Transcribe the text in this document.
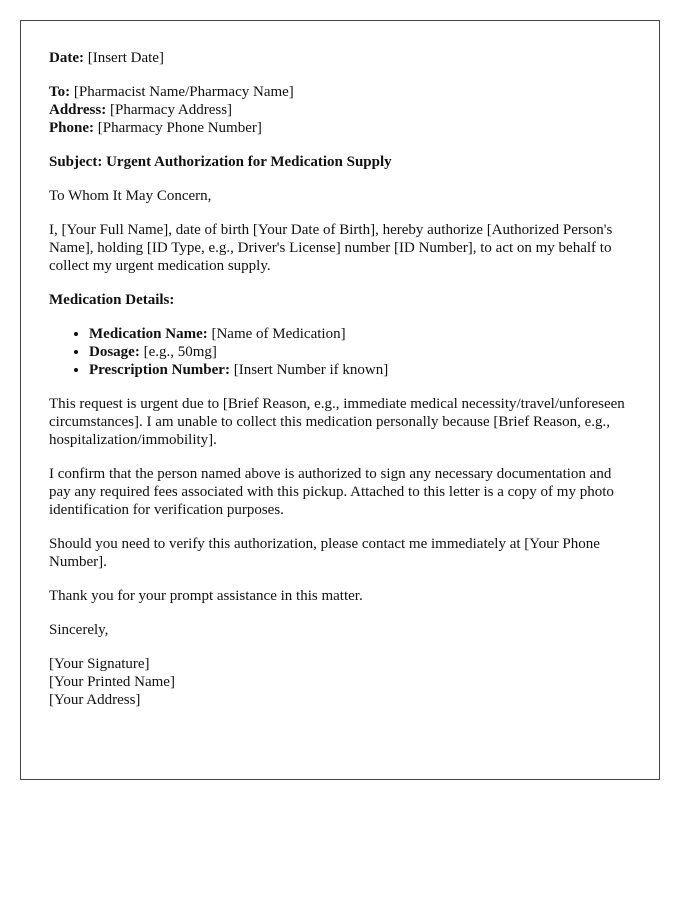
Date: [Insert Date]

To: [Pharmacist Name/Pharmacy Name]
Address: [Pharmacy Address]
Phone: [Pharmacy Phone Number]

Subject: Urgent Authorization for Medication Supply

To Whom It May Concern,

I, [Your Full Name], date of birth [Your Date of Birth], hereby authorize [Authorized Person's Name], holding [ID Type, e.g., Driver's License] number [ID Number], to act on my behalf to collect my urgent medication supply.

Medication Details:

• Medication Name: [Name of Medication]
• Dosage: [e.g., 50mg]
• Prescription Number: [Insert Number if known]

This request is urgent due to [Brief Reason, e.g., immediate medical necessity/travel/unforeseen circumstances]. I am unable to collect this medication personally because [Brief Reason, e.g., hospitalization/immobility].

I confirm that the person named above is authorized to sign any necessary documentation and pay any required fees associated with this pickup. Attached to this letter is a copy of my photo identification for verification purposes.

Should you need to verify this authorization, please contact me immediately at [Your Phone Number].

Thank you for your prompt assistance in this matter.

Sincerely,

[Your Signature]
[Your Printed Name]
[Your Address]
